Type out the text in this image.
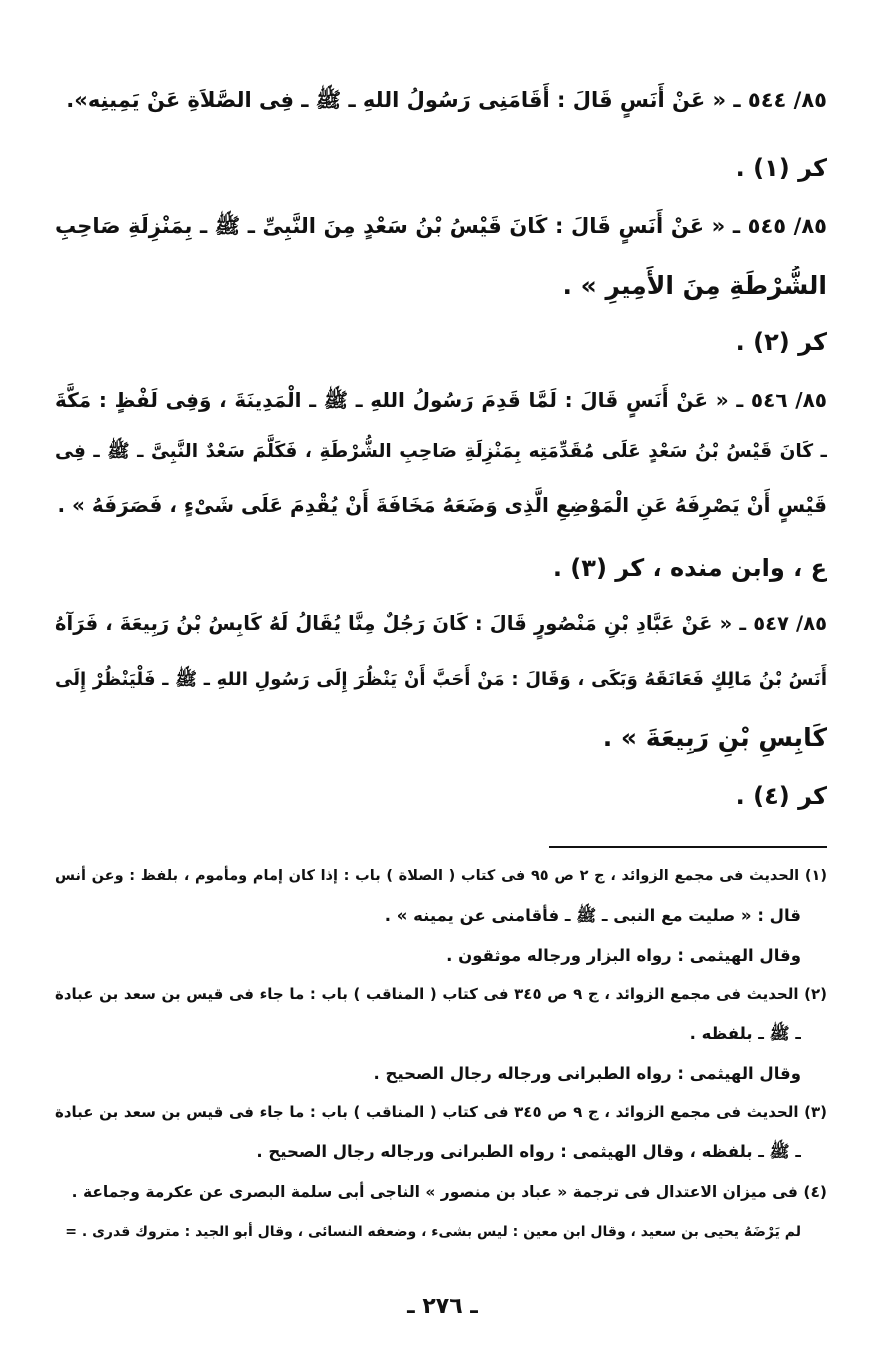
٨٥/ ٥٤٤ ـ « عَنْ أَنَسٍ قَالَ : أَقَامَنِى رَسُولُ اللهِ ـ ﷺ ـ فِى الصَّلاَةِ عَنْ يَمِينِه».
كر (١) .
٨٥/ ٥٤٥ ـ « عَنْ أَنَسٍ قَالَ : كَانَ قَيْسُ بْنُ سَعْدٍ مِنَ النَّبِىِّ ـ ﷺ ـ بِمَنْزِلَةِ صَاحِبِ
الشُّرْطَةِ مِنَ الأَمِيرِ » .
كر (٢) .
٨٥/ ٥٤٦ ـ « عَنْ أَنَسٍ قَالَ : لَمَّا قَدِمَ رَسُولُ اللهِ ـ ﷺ ـ الْمَدِينَةَ ، وَفِى لَفْظٍ : مَكَّةَ
ـ كَانَ قَيْسُ بْنُ سَعْدٍ عَلَى مُقَدِّمَتِه بِمَنْزِلَةِ صَاحِبِ الشُّرْطَةِ ، فَكَلَّمَ سَعْدٌ النَّبِىَّ ـ ﷺ ـ فِى
قَيْسٍ أَنْ يَصْرِفَهُ عَنِ الْمَوْضِعِ الَّذِى وَضَعَهُ مَخَافَةَ أَنْ يُقْدِمَ عَلَى شَىْءٍ ، فَصَرَفَهُ » .
ع ، وابن منده ، كر (٣) .
٨٥/ ٥٤٧ ـ « عَنْ عَبَّادِ بْنِ مَنْصُورٍ قَالَ : كَانَ رَجُلٌ مِنَّا يُقَالُ لَهُ كَابِسُ بْنُ رَبِيعَةَ ، فَرَآهُ
أَنَسُ بْنُ مَالِكٍ فَعَانَقَهُ وَبَكَى ، وَقَالَ : مَنْ أَحَبَّ أَنْ يَنْظُرَ إِلَى رَسُولِ اللهِ ـ ﷺ ـ فَلْيَنْظُرْ إِلَى
كَابِسِ بْنِ رَبِيعَةَ » .
كر (٤) .
(١) الحديث فى مجمع الزوائد ، ج ٢ ص ٩٥ فى كتاب ( الصلاة ) باب : إذا كان إمام ومأموم ، بلفظ : وعن أنس
قال : « صليت مع النبى ـ ﷺ ـ فأقامنى عن يمينه » .
وقال الهيثمى : رواه البزار ورجاله موثقون .
(٢) الحديث فى مجمع الزوائد ، ج ٩ ص ٣٤٥ فى كتاب ( المناقب ) باب : ما جاء فى قيس بن سعد بن عبادة
ـ ﷺ ـ بلفظه .
وقال الهيثمى : رواه الطبرانى ورجاله رجال الصحيح .
(٣) الحديث فى مجمع الزوائد ، ج ٩ ص ٣٤٥ فى كتاب ( المناقب ) باب : ما جاء فى قيس بن سعد بن عبادة
ـ ﷺ ـ بلفظه ، وقال الهيثمى : رواه الطبرانى ورجاله رجال الصحيح .
(٤) فى ميزان الاعتدال فى ترجمة « عباد بن منصور » الناجى أبى سلمة البصرى عن عكرمة وجماعة .
لم يَرْضَهُ يحيى بن سعيد ، وقال ابن معين : ليس بشىء ، وضعفه النسائى ، وقال أبو الجيد : متروك قدرى . =
ـ ٢٧٦ ـ
